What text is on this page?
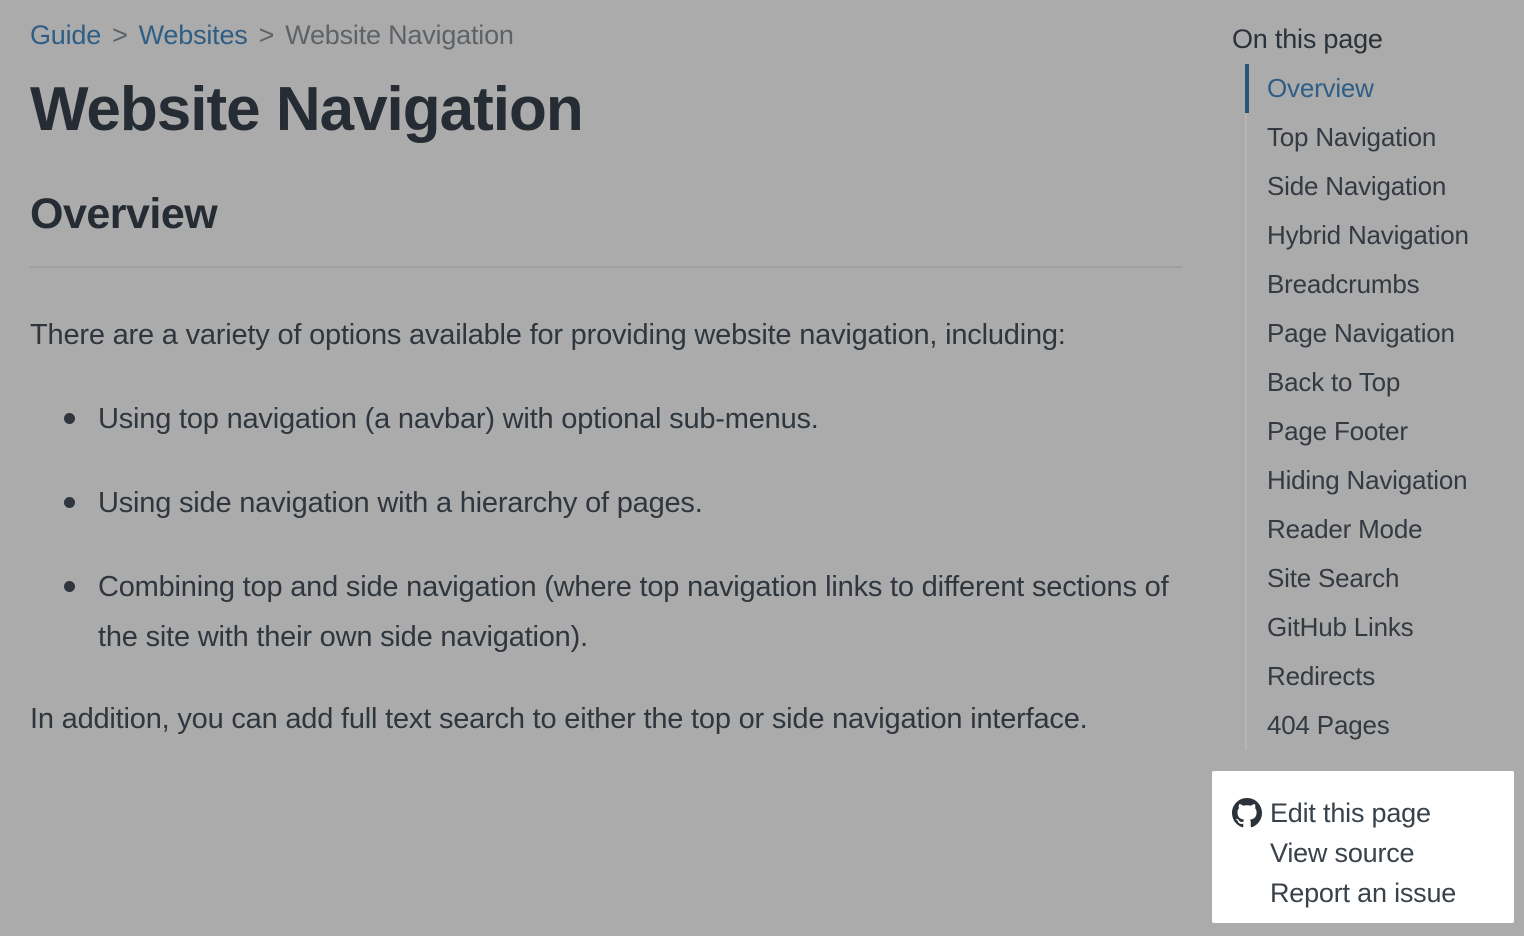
Guide > Websites > Website Navigation
Website Navigation
Overview

There are a variety of options available for providing website navigation, including:

Using top navigation (a navbar) with optional sub-menus.
Using side navigation with a hierarchy of pages.
Combining top and side navigation (where top navigation links to different sections of the site with their own side navigation).

In addition, you can add full text search to either the top or side navigation interface.

On this page
Overview
Top Navigation
Side Navigation
Hybrid Navigation
Breadcrumbs
Page Navigation
Back to Top
Page Footer
Hiding Navigation
Reader Mode
Site Search
GitHub Links
Redirects
404 Pages
Edit this page
View source
Report an issue
